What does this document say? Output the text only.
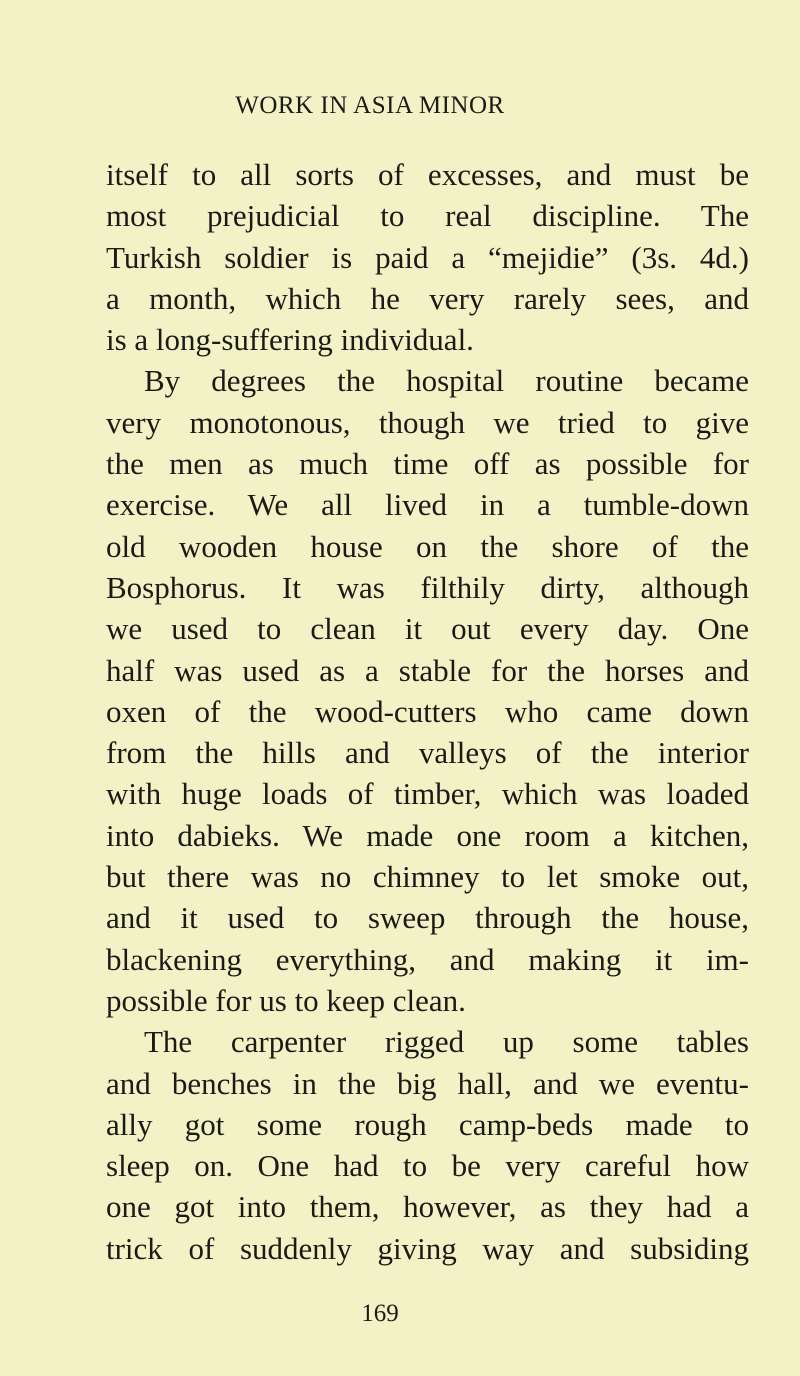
WORK IN ASIA MINOR
itself to all sorts of excesses, and must be
most prejudicial to real discipline. The
Turkish soldier is paid a “mejidie” (3s. 4d.)
a month, which he very rarely sees, and
is a long-suffering individual.
By degrees the hospital routine became
very monotonous, though we tried to give
the men as much time off as possible for
exercise. We all lived in a tumble-down
old wooden house on the shore of the
Bosphorus. It was filthily dirty, although
we used to clean it out every day. One
half was used as a stable for the horses and
oxen of the wood-cutters who came down
from the hills and valleys of the interior
with huge loads of timber, which was loaded
into dabieks. We made one room a kitchen,
but there was no chimney to let smoke out,
and it used to sweep through the house,
blackening everything, and making it im-
possible for us to keep clean.
The carpenter rigged up some tables
and benches in the big hall, and we eventu-
ally got some rough camp-beds made to
sleep on. One had to be very careful how
one got into them, however, as they had a
trick of suddenly giving way and subsiding
169
